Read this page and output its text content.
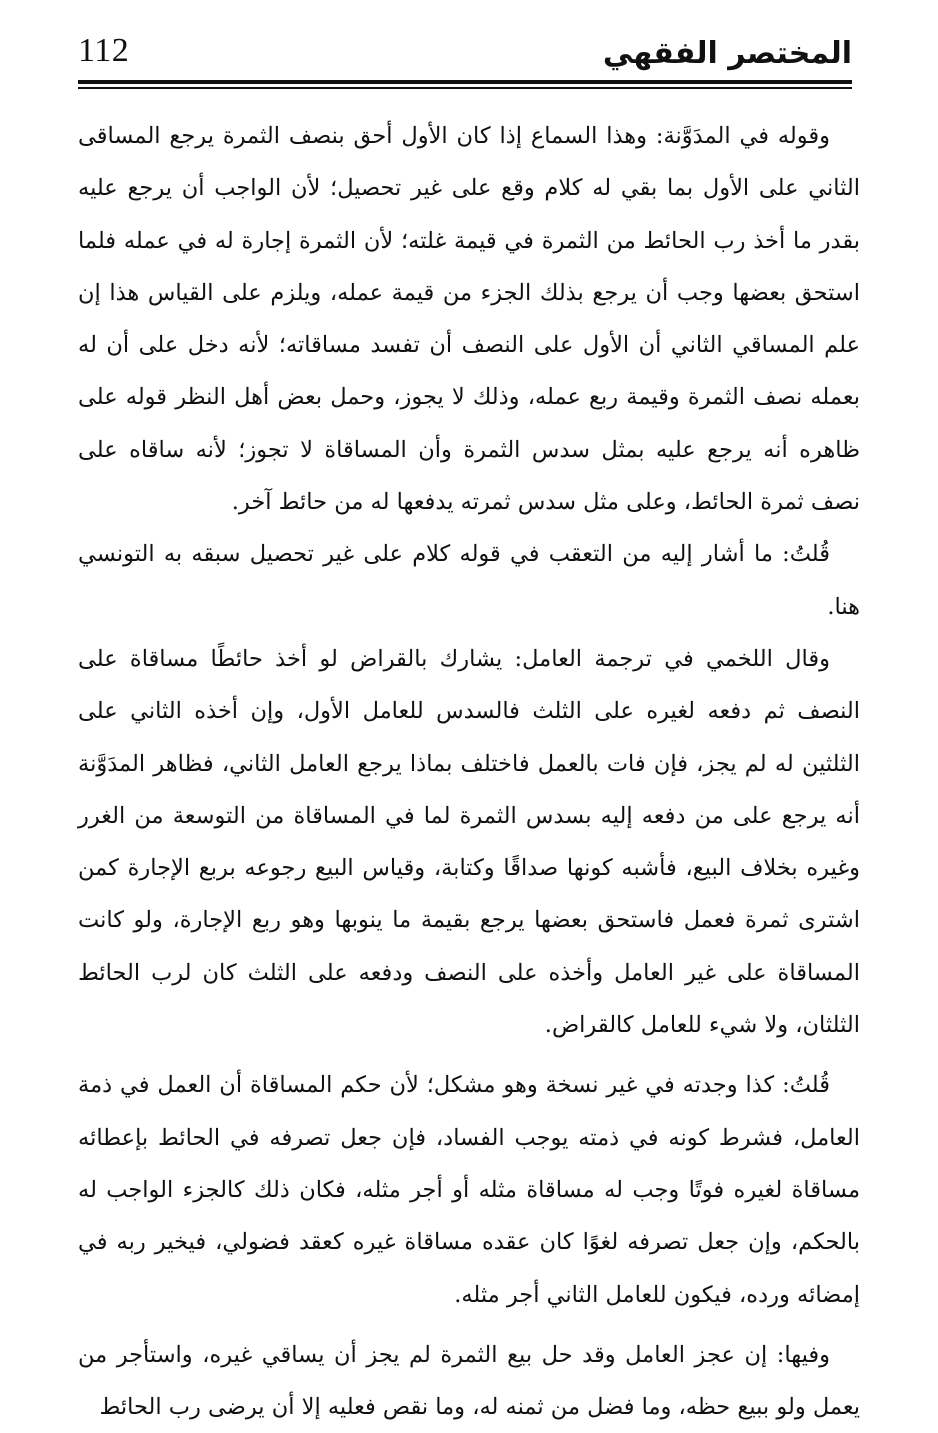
112	المختصر الفقهي

وقوله في المدَوَّنة: وهذا السماع إذا كان الأول أحق بنصف الثمرة يرجع المساقى الثاني على الأول بما بقي له كلام وقع على غير تحصيل؛ لأن الواجب أن يرجع عليه بقدر ما أخذ رب الحائط من الثمرة في قيمة غلته؛ لأن الثمرة إجارة له في عمله فلما استحق بعضها وجب أن يرجع بذلك الجزء من قيمة عمله، ويلزم على القياس هذا إن علم المساقي الثاني أن الأول على النصف أن تفسد مساقاته؛ لأنه دخل على أن له بعمله نصف الثمرة وقيمة ربع عمله، وذلك لا يجوز، وحمل بعض أهل النظر قوله على ظاهره أنه يرجع عليه بمثل سدس الثمرة وأن المساقاة لا تجوز؛ لأنه ساقاه على نصف ثمرة الحائط، وعلى مثل سدس ثمرته يدفعها له من حائط آخر.

قُلتُ: ما أشار إليه من التعقب في قوله كلام على غير تحصيل سبقه به التونسي هنا.

وقال اللخمي في ترجمة العامل: يشارك بالقراض لو أخذ حائطًا مساقاة على النصف ثم دفعه لغيره على الثلث فالسدس للعامل الأول، وإن أخذه الثاني على الثلثين له لم يجز، فإن فات بالعمل فاختلف بماذا يرجع العامل الثاني، فظاهر المدَوَّنة أنه يرجع على من دفعه إليه بسدس الثمرة لما في المساقاة من التوسعة من الغرر وغيره بخلاف البيع، فأشبه كونها صداقًا وكتابة، وقياس البيع رجوعه بربع الإجارة كمن اشترى ثمرة فعمل فاستحق بعضها يرجع بقيمة ما ينوبها وهو ربع الإجارة، ولو كانت المساقاة على غير العامل وأخذه على النصف ودفعه على الثلث كان لرب الحائط الثلثان، ولا شيء للعامل كالقراض.

قُلتُ: كذا وجدته في غير نسخة وهو مشكل؛ لأن حكم المساقاة أن العمل في ذمة العامل، فشرط كونه في ذمته يوجب الفساد، فإن جعل تصرفه في الحائط بإعطائه مساقاة لغيره فوتًا وجب له مساقاة مثله أو أجر مثله، فكان ذلك كالجزء الواجب له بالحكم، وإن جعل تصرفه لغوًا كان عقده مساقاة غيره كعقد فضولي، فيخير ربه في إمضائه ورده، فيكون للعامل الثاني أجر مثله.

وفيها: إن عجز العامل وقد حل بيع الثمرة لم يجز أن يساقي غيره، واستأجر من يعمل ولو ببيع حظه، وما فضل من ثمنه له، وما نقص فعليه إلا أن يرضى رب الحائط
